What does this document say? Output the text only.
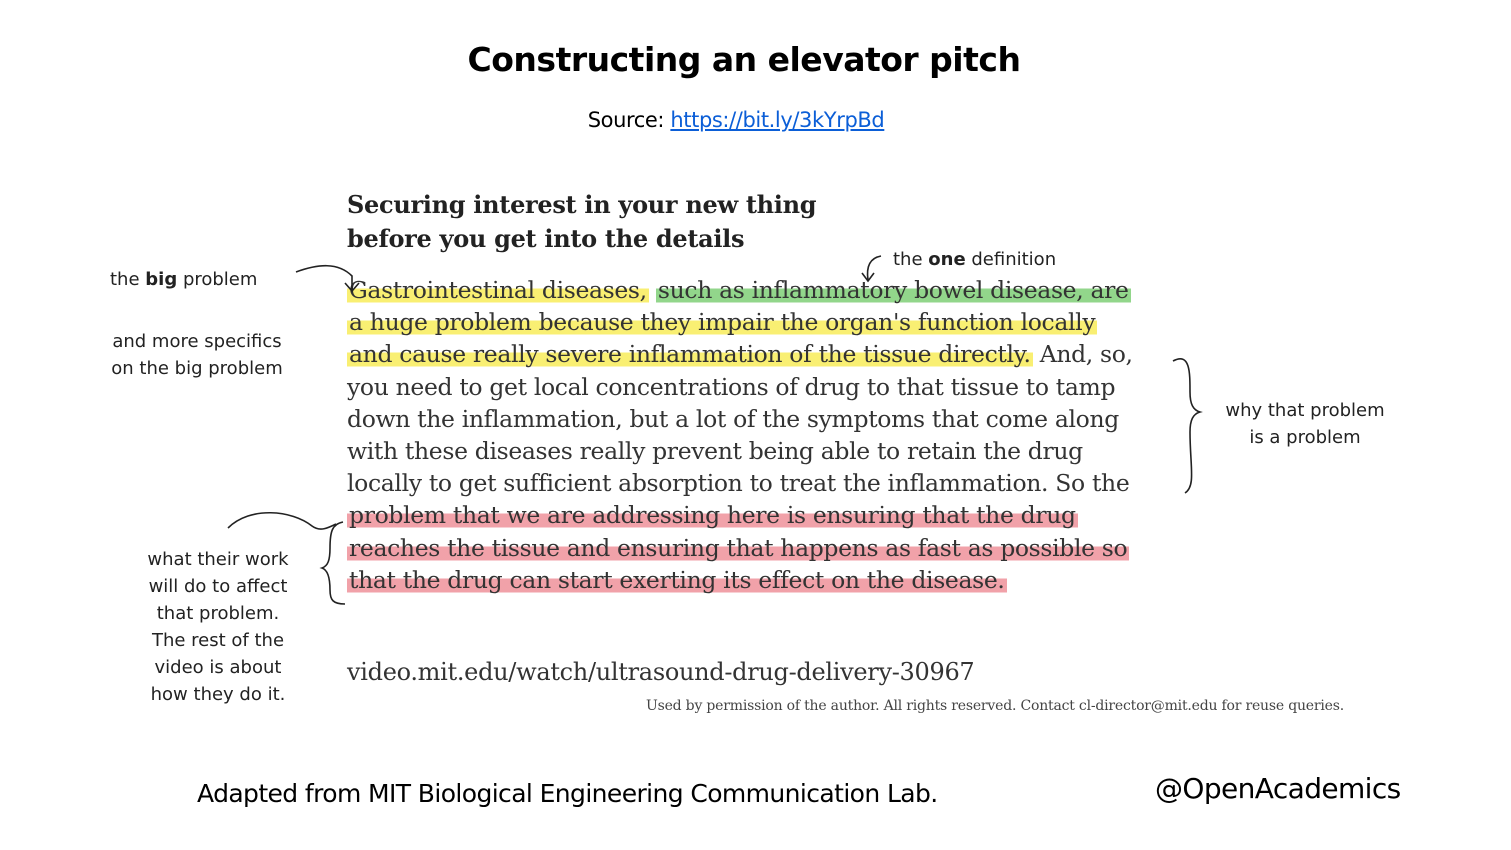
Constructing an elevator pitch
Source: https://bit.ly/3kYrpBd
Securing interest in your new thing
before you get into the details
Gastrointestinal diseases, such as inflammatory bowel disease, are
a huge problem because they impair the organ's function locally
and cause really severe inflammation of the tissue directly. And, so,
you need to get local concentrations of drug to that tissue to tamp
down the inflammation, but a lot of the symptoms that come along
with these diseases really prevent being able to retain the drug
locally to get sufficient absorption to treat the inflammation. So the
problem that we are addressing here is ensuring that the drug
reaches the tissue and ensuring that happens as fast as possible so
that the drug can start exerting its effect on the disease.
video.mit.edu/watch/ultrasound-drug-delivery-30967
Used by permission of the author. All rights reserved. Contact cl-director@mit.edu for reuse queries.
the big problem
and more specifics
on the big problem
the one definition
why that problem
is a problem
what their work
will do to affect
that problem.
The rest of the
video is about
how they do it.
Adapted from MIT Biological Engineering Communication Lab.	@OpenAcademics
